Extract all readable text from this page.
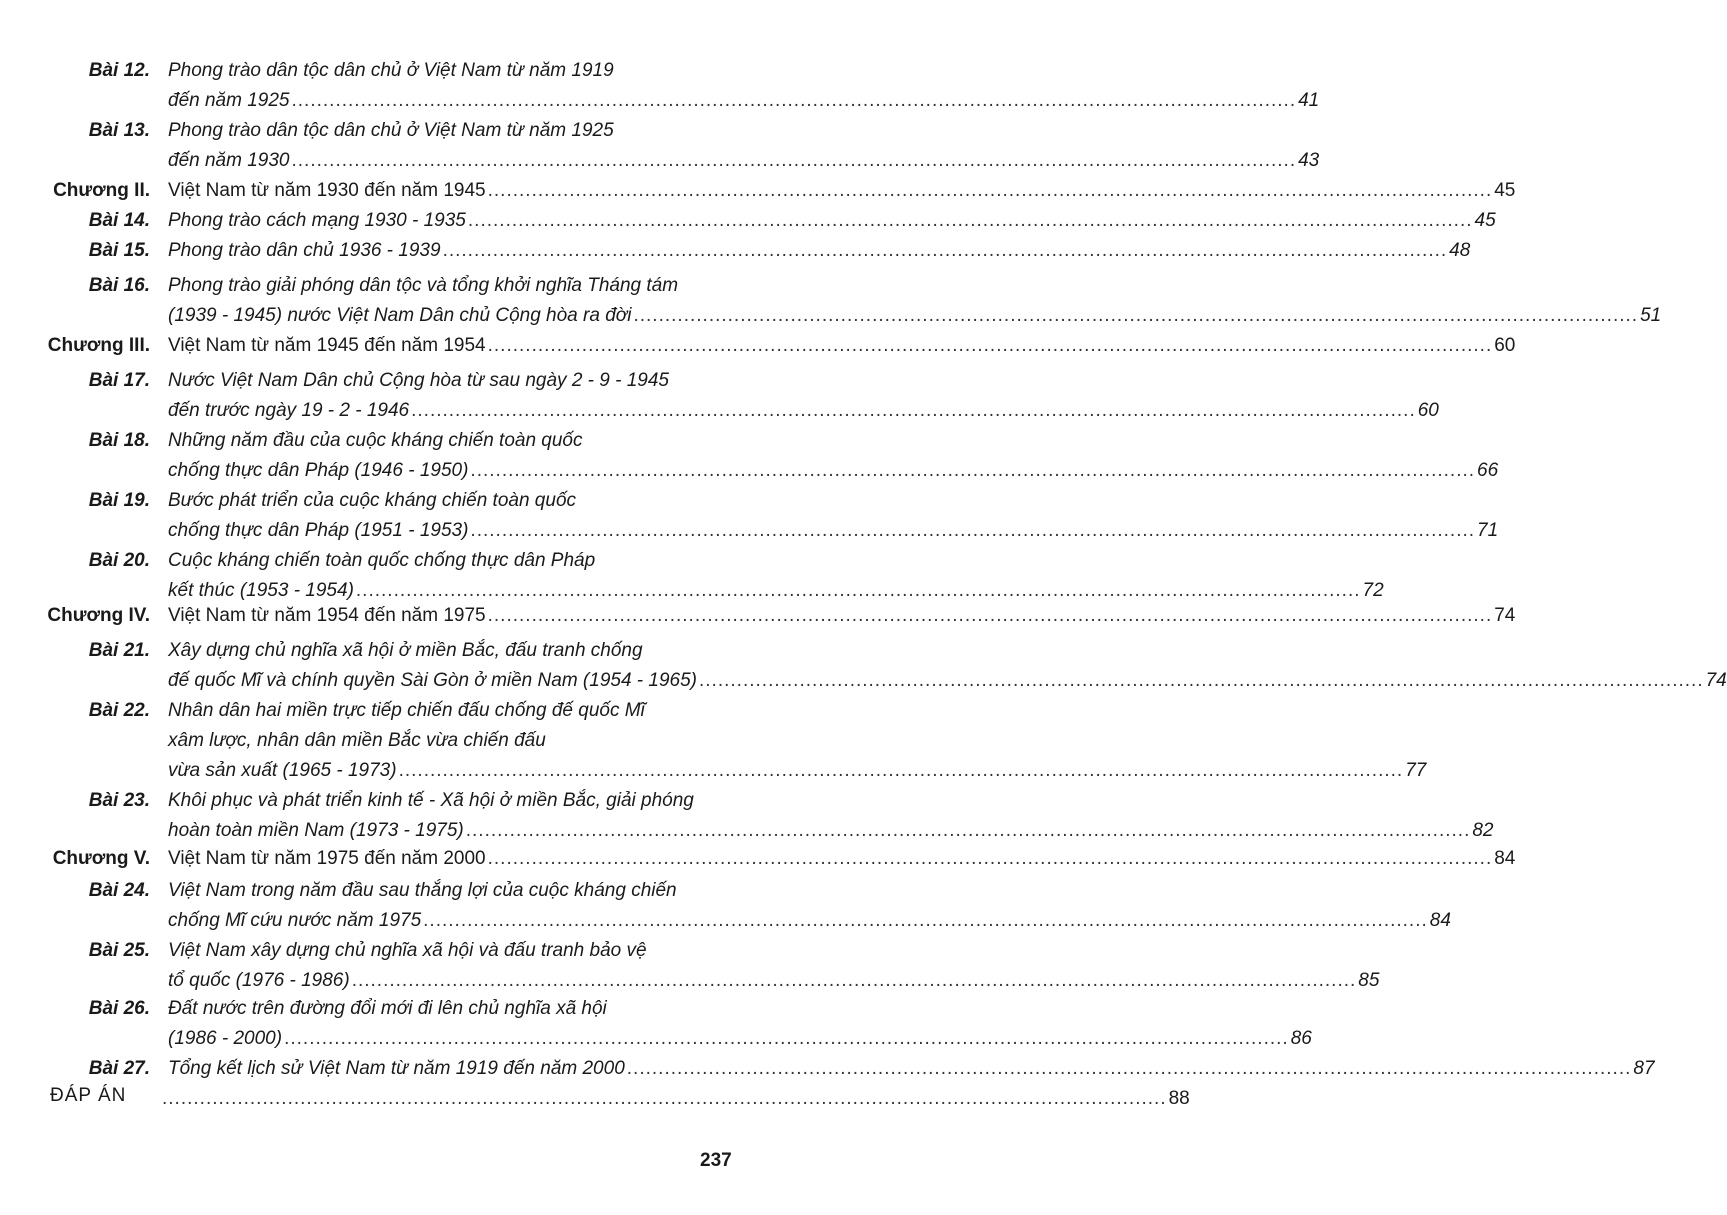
Bài 12. Phong trào dân tộc dân chủ ở Việt Nam từ năm 1919
đến năm 1925 ................................................................................................................................................................ 41
Bài 13. Phong trào dân tộc dân chủ ở Việt Nam từ năm 1925
đến năm 1930 ................................................................................................................................................................ 43
Chương II. Việt Nam từ năm 1930 đến năm 1945 ................................................................................................................................................................ 45
Bài 14. Phong trào cách mạng 1930 - 1935 ................................................................................................................................................................ 45
Bài 15. Phong trào dân chủ 1936 - 1939 ................................................................................................................................................................ 48
Bài 16. Phong trào giải phóng dân tộc và tổng khởi nghĩa Tháng tám
(1939 - 1945) nước Việt Nam Dân chủ Cộng hòa ra đời ................................................................................................................................................................ 51
Chương III. Việt Nam từ năm 1945 đến năm 1954 ................................................................................................................................................................ 60
Bài 17. Nước Việt Nam Dân chủ Cộng hòa từ sau ngày 2 - 9 - 1945
đến trước ngày 19 - 2 - 1946 ................................................................................................................................................................ 60
Bài 18. Những năm đầu của cuộc kháng chiến toàn quốc
chống thực dân Pháp (1946 - 1950) ................................................................................................................................................................ 66
Bài 19. Bước phát triển của cuộc kháng chiến toàn quốc
chống thực dân Pháp (1951 - 1953) ................................................................................................................................................................ 71
Bài 20. Cuộc kháng chiến toàn quốc chống thực dân Pháp
kết thúc (1953 - 1954) ................................................................................................................................................................ 72
Chương IV. Việt Nam từ năm 1954 đến năm 1975 ................................................................................................................................................................ 74
Bài 21. Xây dựng chủ nghĩa xã hội ở miền Bắc, đấu tranh chống
đế quốc Mĩ và chính quyền Sài Gòn ở miền Nam (1954 - 1965) ................................................................................................................................................................ 74
Bài 22. Nhân dân hai miền trực tiếp chiến đấu chống đế quốc Mĩ
xâm lược, nhân dân miền Bắc vừa chiến đấu
vừa sản xuất (1965 - 1973) ................................................................................................................................................................ 77
Bài 23. Khôi phục và phát triển kinh tế - Xã hội ở miền Bắc, giải phóng
hoàn toàn miền Nam (1973 - 1975) ................................................................................................................................................................ 82
Chương V. Việt Nam từ năm 1975 đến năm 2000 ................................................................................................................................................................ 84
Bài 24. Việt Nam trong năm đầu sau thắng lợi của cuộc kháng chiến
chống Mĩ cứu nước năm 1975 ................................................................................................................................................................ 84
Bài 25. Việt Nam xây dựng chủ nghĩa xã hội và đấu tranh bảo vệ
tổ quốc (1976 - 1986) ................................................................................................................................................................ 85
Bài 26. Đất nước trên đường đổi mới đi lên chủ nghĩa xã hội
(1986 - 2000) ................................................................................................................................................................ 86
Bài 27. Tổng kết lịch sử Việt Nam từ năm 1919 đến năm 2000 ................................................................................................................................................................ 87
ĐÁP ÁN ................................................................................................................................................................ 88
237
